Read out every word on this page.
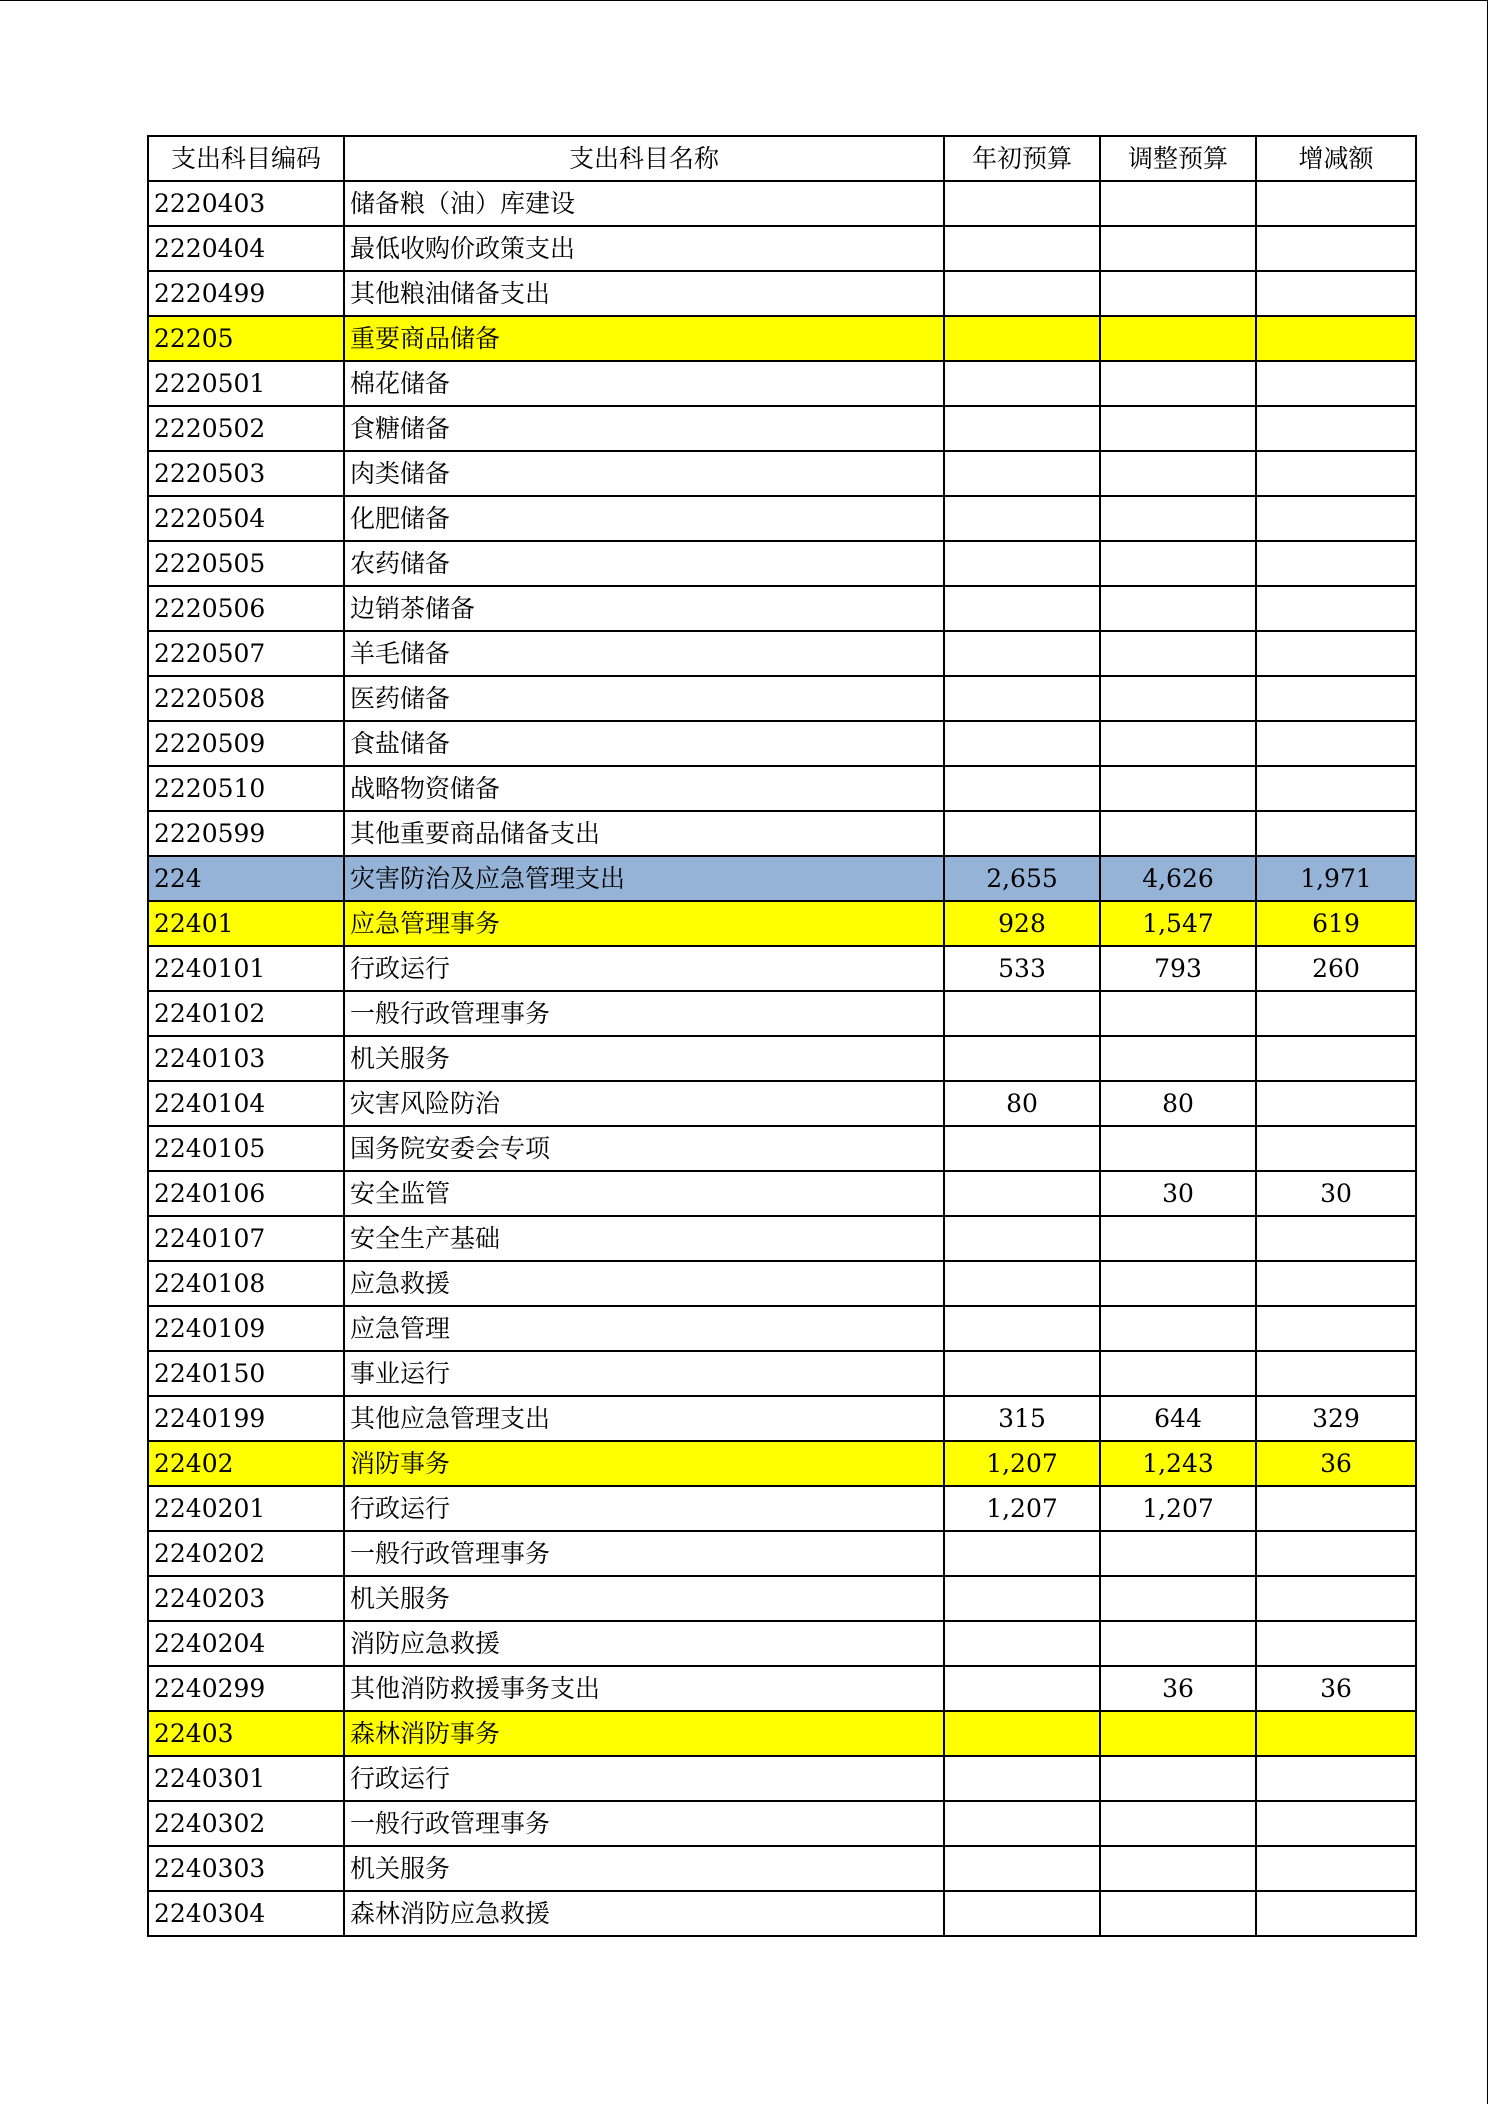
支出科目编码	支出科目名称	年初预算	调整预算	增减额
2220403	储备粮（油）库建设			
2220404	最低收购价政策支出			
2220499	其他粮油储备支出			
22205	重要商品储备			
2220501	棉花储备			
2220502	食糖储备			
2220503	肉类储备			
2220504	化肥储备			
2220505	农药储备			
2220506	边销茶储备			
2220507	羊毛储备			
2220508	医药储备			
2220509	食盐储备			
2220510	战略物资储备			
2220599	其他重要商品储备支出			
224	灾害防治及应急管理支出	2,655	4,626	1,971
22401	应急管理事务	928	1,547	619
2240101	行政运行	533	793	260
2240102	一般行政管理事务			
2240103	机关服务			
2240104	灾害风险防治	80	80	
2240105	国务院安委会专项			
2240106	安全监管		30	30
2240107	安全生产基础			
2240108	应急救援			
2240109	应急管理			
2240150	事业运行			
2240199	其他应急管理支出	315	644	329
22402	消防事务	1,207	1,243	36
2240201	行政运行	1,207	1,207	
2240202	一般行政管理事务			
2240203	机关服务			
2240204	消防应急救援			
2240299	其他消防救援事务支出		36	36
22403	森林消防事务			
2240301	行政运行			
2240302	一般行政管理事务			
2240303	机关服务			
2240304	森林消防应急救援			
